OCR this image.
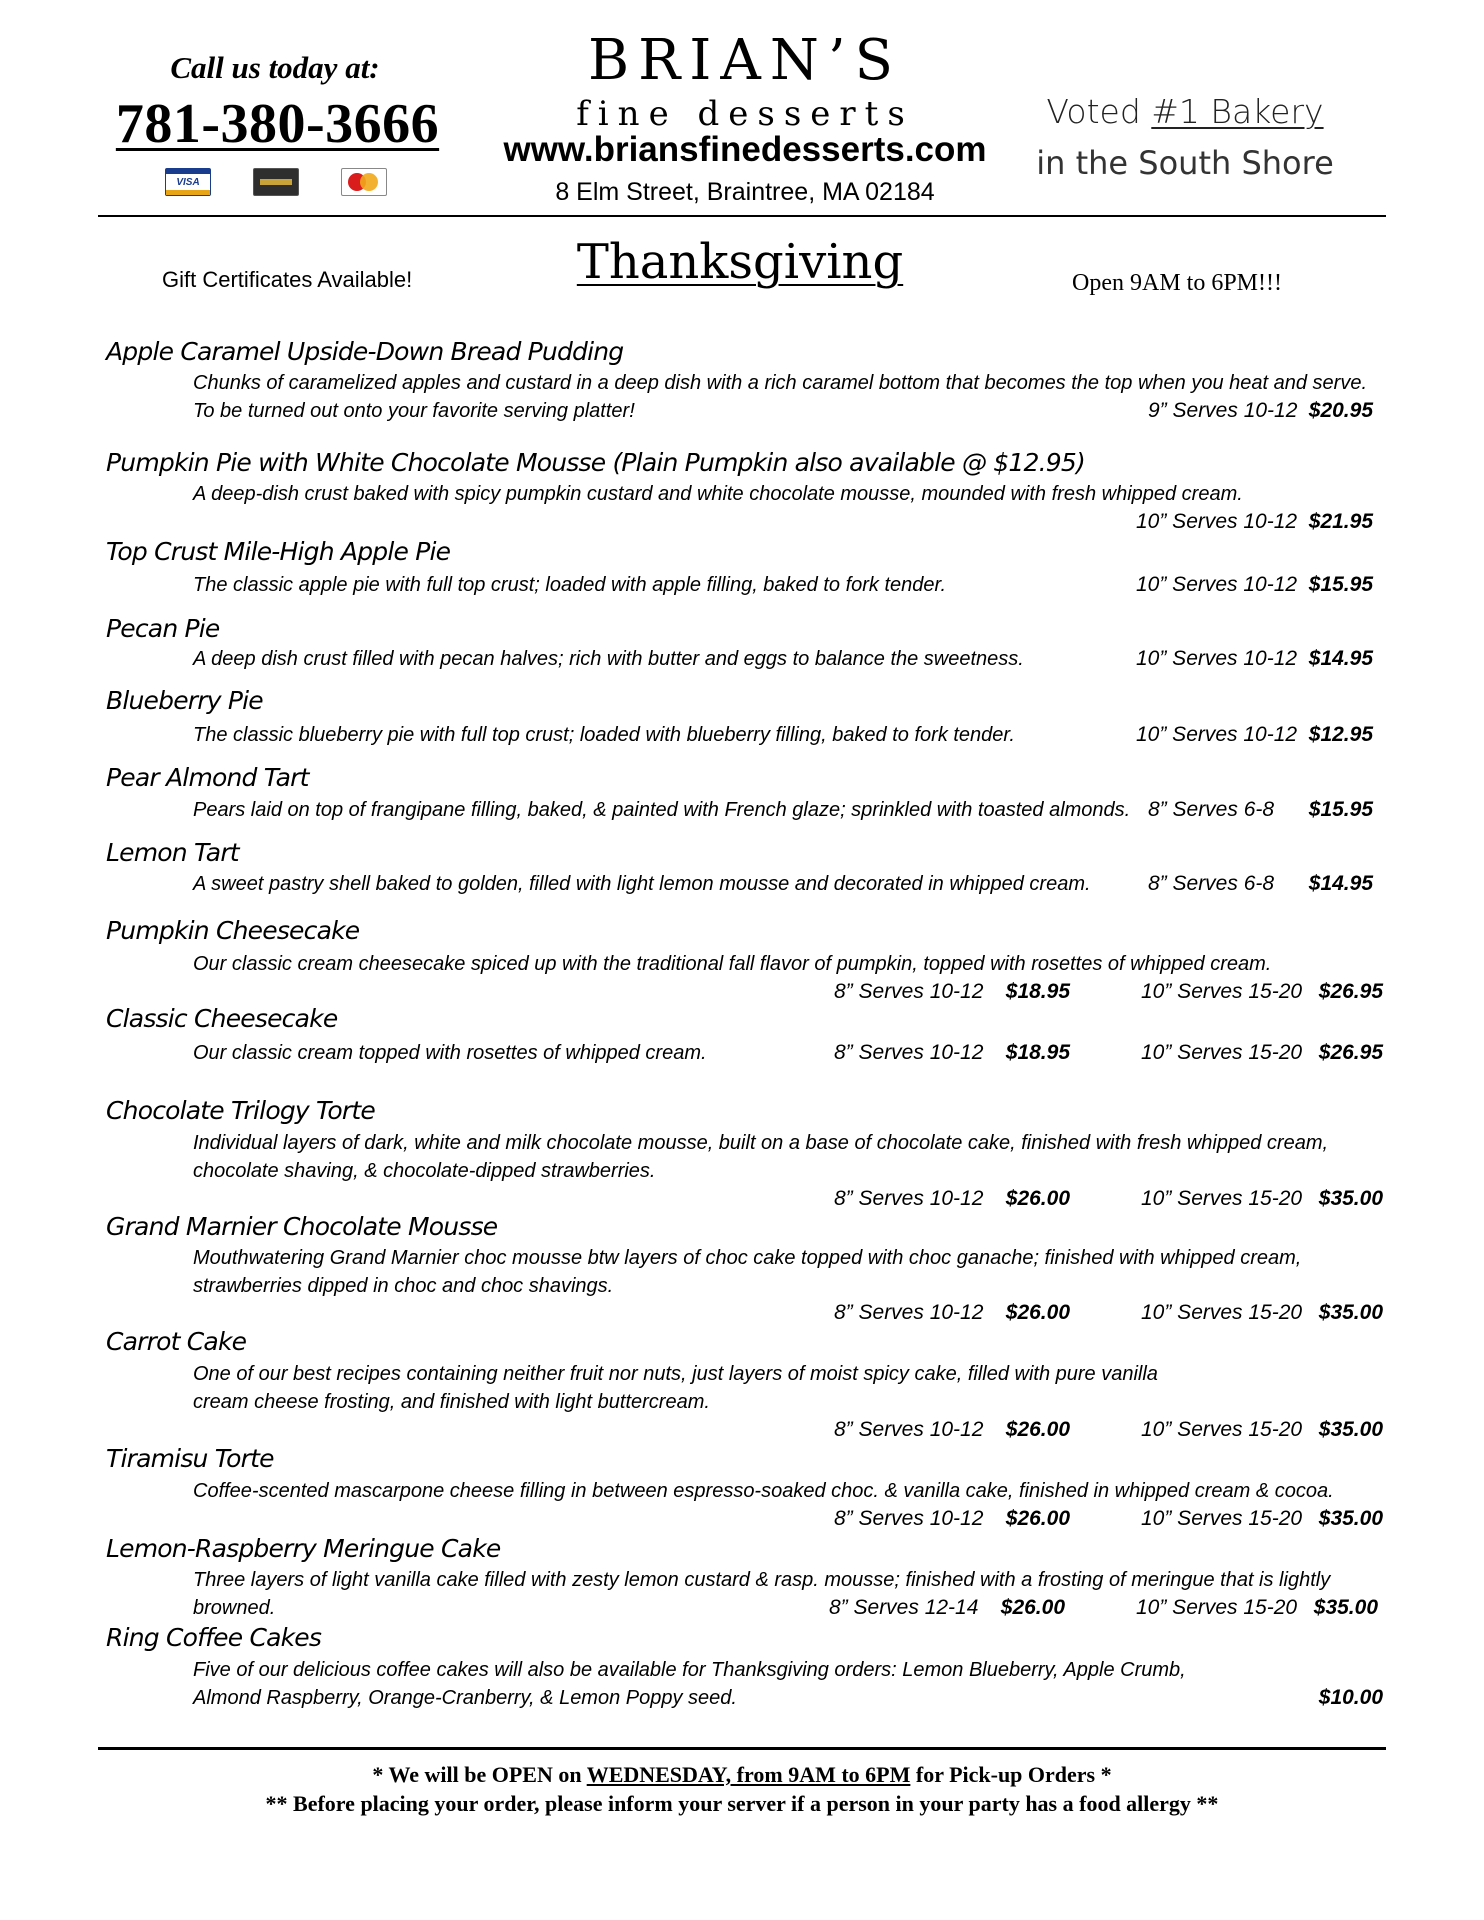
Call us today at:
781-380-3666
VISA
BRIAN’S
fine desserts
www.briansfinedesserts.com
8 Elm Street, Braintree, MA 02184
Voted #1 Bakery
in the South Shore
Gift Certificates Available!	Thanksgiving	Open 9AM to 6PM!!!
Apple Caramel Upside-Down Bread Pudding
Chunks of caramelized apples and custard in a deep dish with a rich caramel bottom that becomes the top when you heat and serve.
To be turned out onto your favorite serving platter!	9” Serves 10-12 $20.95
Pumpkin Pie with White Chocolate Mousse (Plain Pumpkin also available @ $12.95)
A deep-dish crust baked with spicy pumpkin custard and white chocolate mousse, mounded with fresh whipped cream.
10” Serves 10-12 $21.95
Top Crust Mile-High Apple Pie
The classic apple pie with full top crust; loaded with apple filling, baked to fork tender.	10” Serves 10-12 $15.95
Pecan Pie
A deep dish crust filled with pecan halves; rich with butter and eggs to balance the sweetness.	10” Serves 10-12 $14.95
Blueberry Pie
The classic blueberry pie with full top crust; loaded with blueberry filling, baked to fork tender.	10” Serves 10-12 $12.95
Pear Almond Tart
Pears laid on top of frangipane filling, baked, & painted with French glaze; sprinkled with toasted almonds. 8” Serves 6-8	$15.95
Lemon Tart
A sweet pastry shell baked to golden, filled with light lemon mousse and decorated in whipped cream.	8” Serves 6-8	$14.95
Pumpkin Cheesecake
Our classic cream cheesecake spiced up with the traditional fall flavor of pumpkin, topped with rosettes of whipped cream.
8” Serves 10-12	$18.95	10” Serves 15-20 $26.95
Classic Cheesecake
Our classic cream topped with rosettes of whipped cream.	8” Serves 10-12	$18.95	10” Serves 15-20 $26.95
Chocolate Trilogy Torte
Individual layers of dark, white and milk chocolate mousse, built on a base of chocolate cake, finished with fresh whipped cream,
chocolate shaving, & chocolate-dipped strawberries.
8” Serves 10-12	$26.00	10” Serves 15-20 $35.00
Grand Marnier Chocolate Mousse
Mouthwatering Grand Marnier choc mousse btw layers of choc cake topped with choc ganache; finished with whipped cream,
strawberries dipped in choc and choc shavings.
8” Serves 10-12	$26.00	10” Serves 15-20 $35.00
Carrot Cake
One of our best recipes containing neither fruit nor nuts, just layers of moist spicy cake, filled with pure vanilla
cream cheese frosting, and finished with light buttercream.
8” Serves 10-12	$26.00	10” Serves 15-20 $35.00
Tiramisu Torte
Coffee-scented mascarpone cheese filling in between espresso-soaked choc. & vanilla cake, finished in whipped cream & cocoa.
8” Serves 10-12	$26.00	10” Serves 15-20 $35.00
Lemon-Raspberry Meringue Cake
Three layers of light vanilla cake filled with zesty lemon custard & rasp. mousse; finished with a frosting of meringue that is lightly
browned.	8” Serves 12-14	$26.00	10” Serves 15-20 $35.00
Ring Coffee Cakes
Five of our delicious coffee cakes will also be available for Thanksgiving orders: Lemon Blueberry, Apple Crumb,
Almond Raspberry, Orange-Cranberry, & Lemon Poppy seed.	$10.00
* We will be OPEN on WEDNESDAY, from 9AM to 6PM for Pick-up Orders *
** Before placing your order, please inform your server if a person in your party has a food allergy **
